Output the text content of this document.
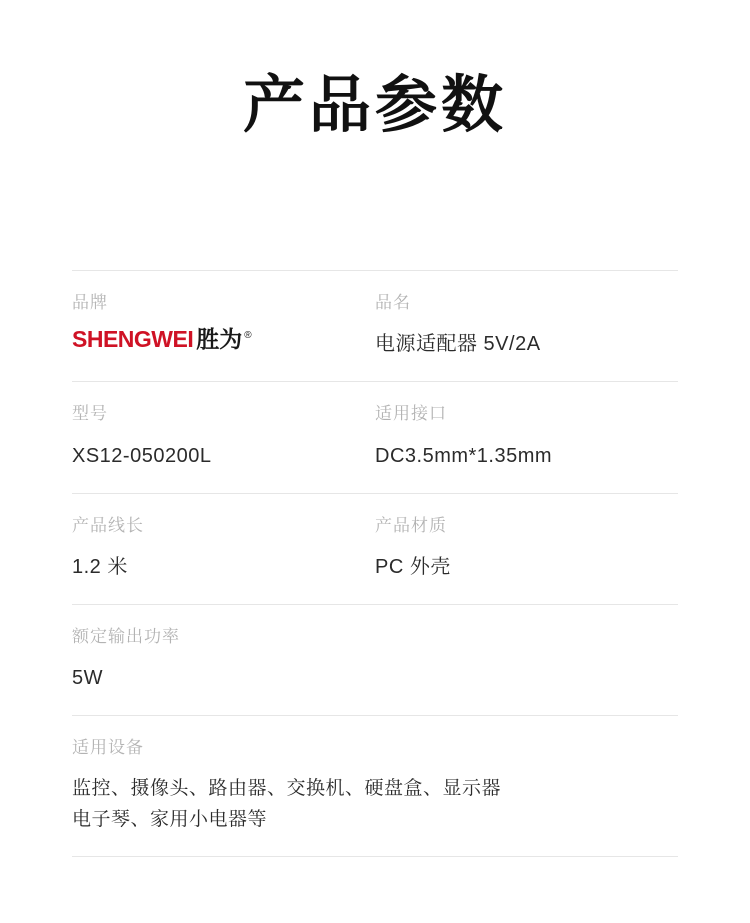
产品参数
品牌
SHENGWEI 胜为 ®
品名
电源适配器 5V/2A
型号
XS12-050200L
适用接口
DC3.5mm*1.35mm
产品线长
1.2 米
产品材质
PC 外壳
额定输出功率
5W
适用设备
监控、摄像头、路由器、交换机、硬盘盒、显示器
电子琴、家用小电器等
